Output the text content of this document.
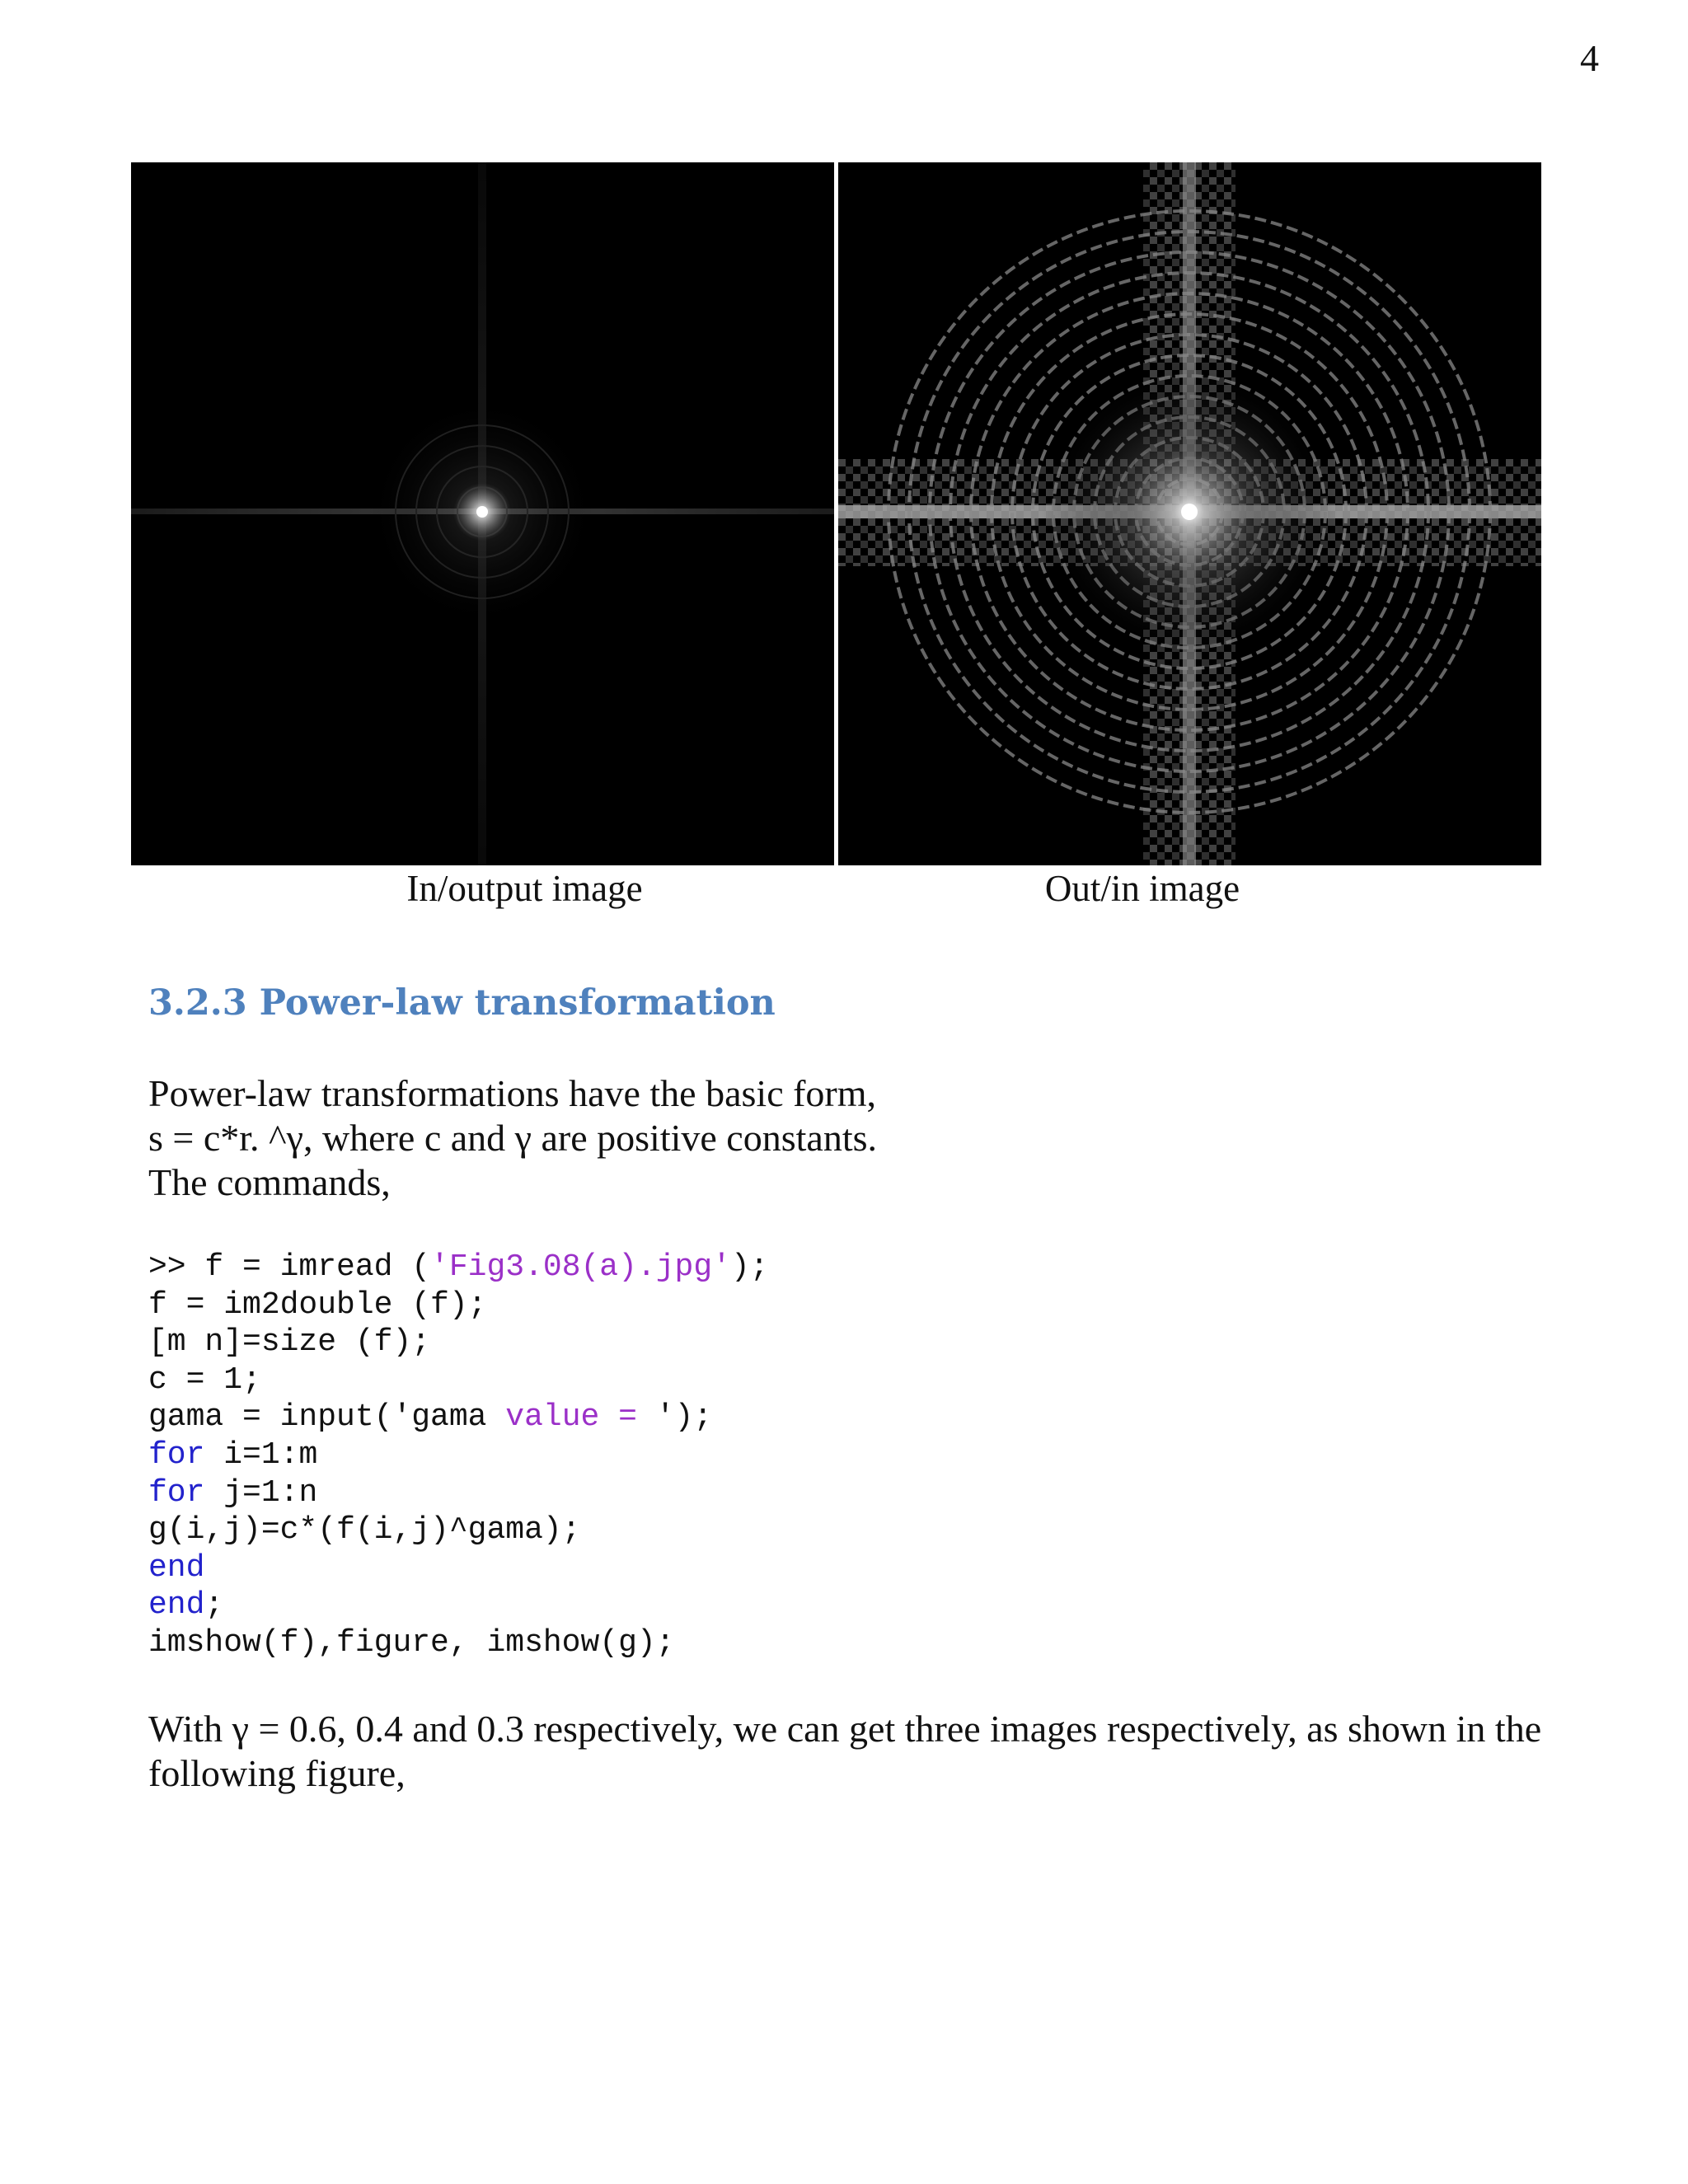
4
In/output image	Out/in image
3.2.3 Power-law transformation
Power-law transformations have the basic form,
s = c*r. ^γ, where c and γ are positive constants.
The commands,
>> f = imread ('Fig3.08(a).jpg');
f = im2double (f);
[m n]=size (f);
c = 1;
gama = input('gama value = ');
for i=1:m
for j=1:n
g(i,j)=c*(f(i,j)^gama);
end
end;
imshow(f),figure, imshow(g);
With γ = 0.6, 0.4 and 0.3 respectively, we can get three images respectively, as shown in the
following figure,
